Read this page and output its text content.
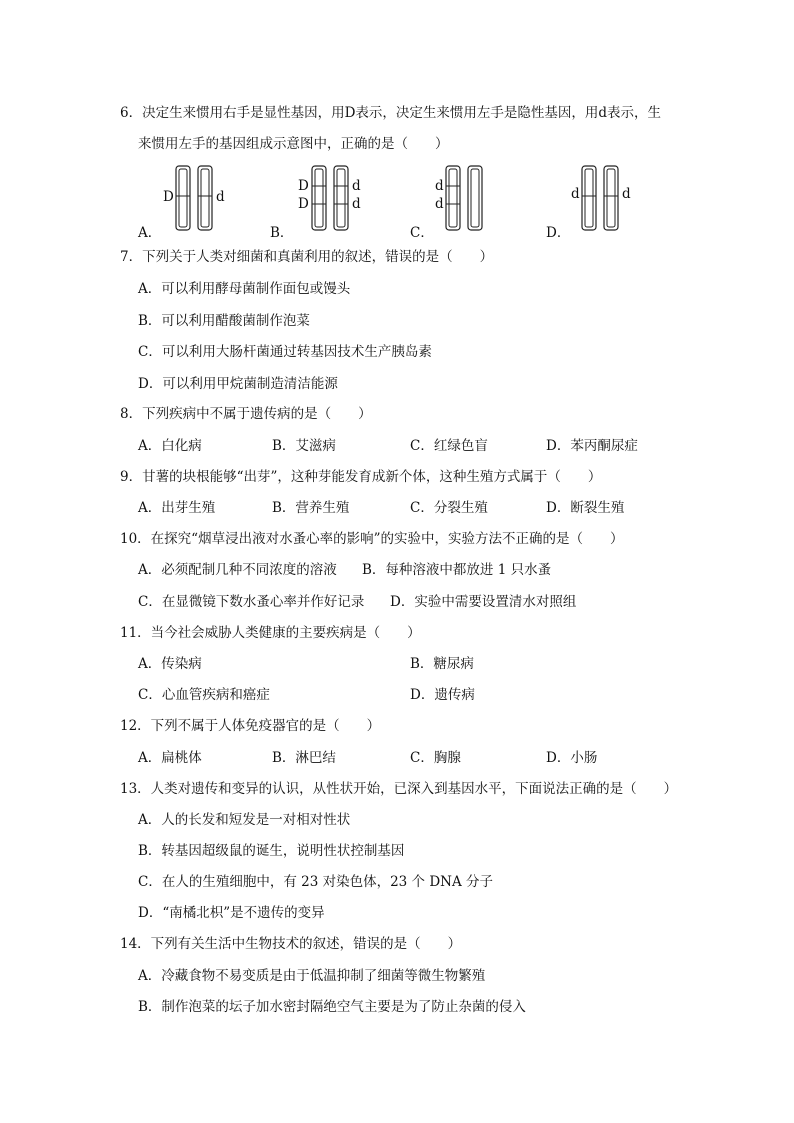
6．决定生来惯用右手是显性基因，用D表示，决定生来惯用左手是隐性基因，用d表示，生
来惯用左手的基因组成示意图中，正确的是（　　）
D	d
A．
D
D
d
d
B．
d
d
C．
d	d
D．
7．下列关于人类对细菌和真菌利用的叙述，错误的是（　　）
A．可以利用酵母菌制作面包或馒头
B．可以利用醋酸菌制作泡菜
C．可以利用大肠杆菌通过转基因技术生产胰岛素
D．可以利用甲烷菌制造清洁能源
8．下列疾病中不属于遗传病的是（　　）
A．白化病	B．艾滋病	C．红绿色盲	D．苯丙酮尿症
9．甘薯的块根能够“出芽”，这种芽能发育成新个体，这种生殖方式属于（　　）
A．出芽生殖	B．营养生殖	C．分裂生殖	D．断裂生殖
10．在探究“烟草浸出液对水蚤心率的影响”的实验中，实验方法不正确的是（　　）
A．必须配制几种不同浓度的溶液 B．每种溶液中都放进 1 只水蚤
C．在显微镜下数水蚤心率并作好记录 D．实验中需要设置清水对照组
11．当今社会威胁人类健康的主要疾病是（　　）
A．传染病	B．糖尿病
C．心血管疾病和癌症	D．遗传病
12．下列不属于人体免疫器官的是（　　）
A．扁桃体	B．淋巴结	C．胸腺	D．小肠
13．人类对遗传和变异的认识，从性状开始，已深入到基因水平，下面说法正确的是（　　）
A．人的长发和短发是一对相对性状
B．转基因超级鼠的诞生，说明性状控制基因
C．在人的生殖细胞中，有 23 对染色体，23 个 DNA 分子
D．“南橘北枳”是不遗传的变异
14．下列有关生活中生物技术的叙述，错误的是（　　）
A．冷藏食物不易变质是由于低温抑制了细菌等微生物繁殖
B．制作泡菜的坛子加水密封隔绝空气主要是为了防止杂菌的侵入
